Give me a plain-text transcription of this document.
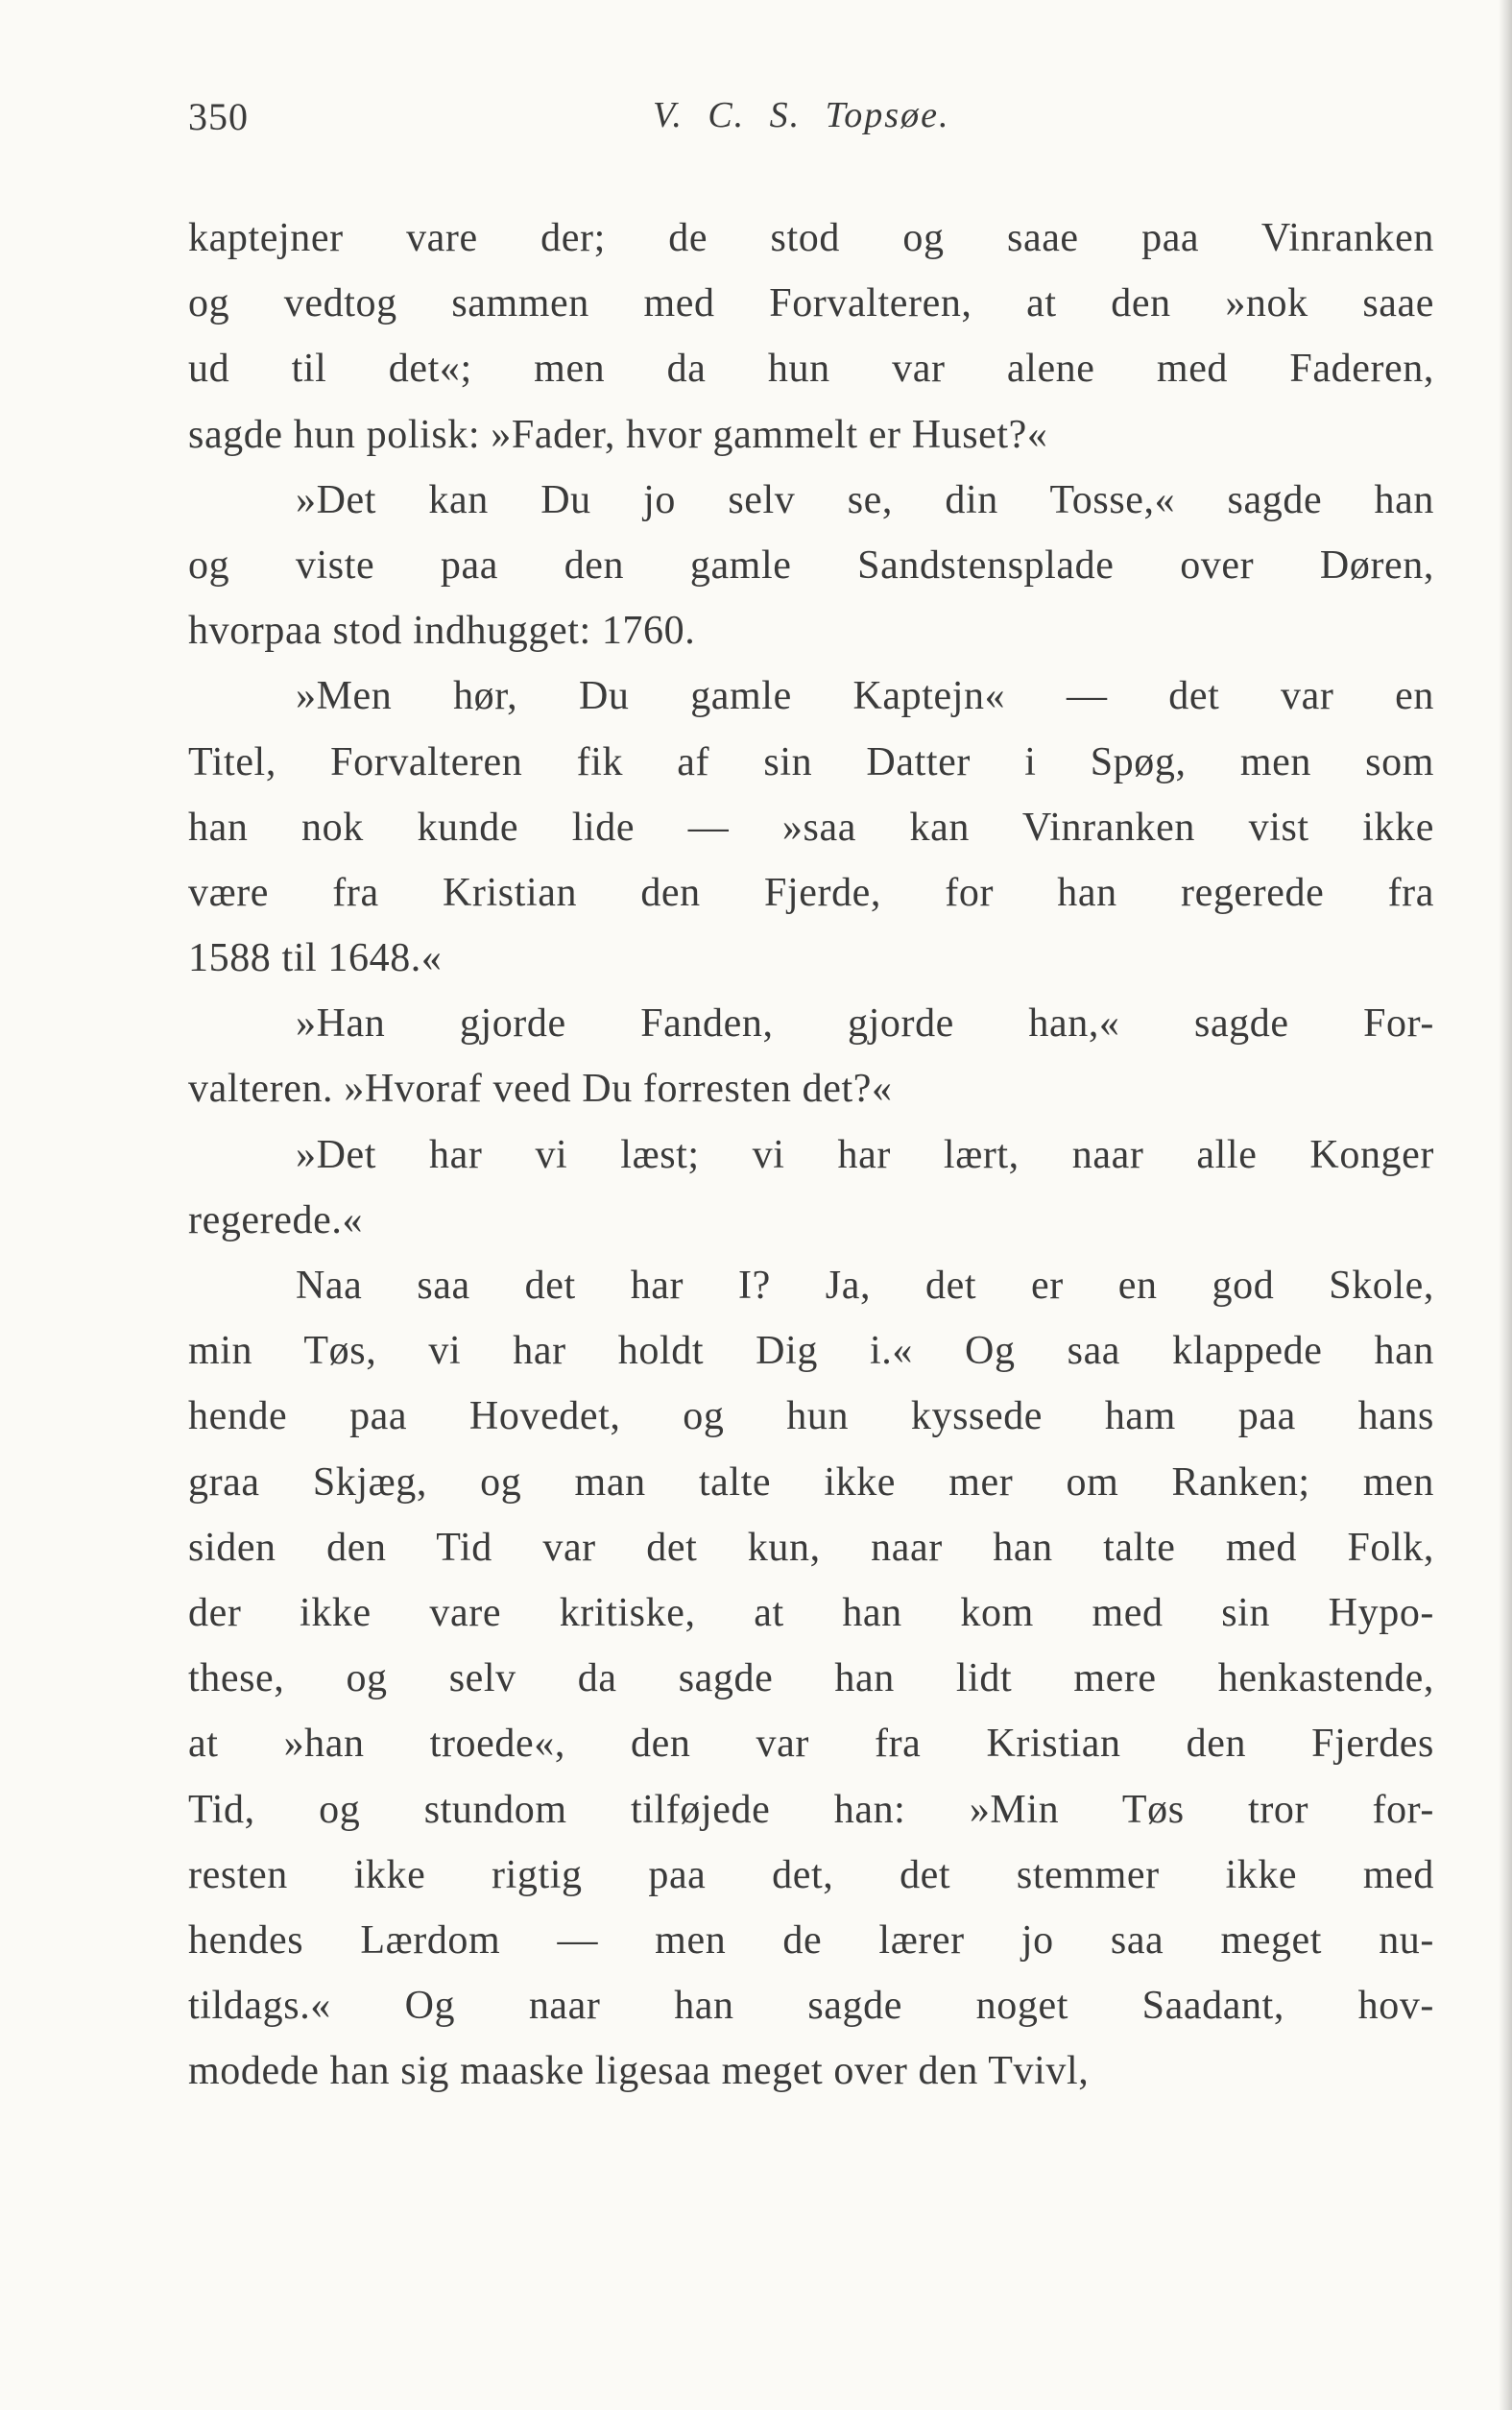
350	V. C. S. Topsøe.
kaptejner vare der; de stod og saae paa Vinranken
og vedtog sammen med Forvalteren, at den »nok saae
ud til det«; men da hun var alene med Faderen,
sagde hun polisk: »Fader, hvor gammelt er Huset?«
»Det kan Du jo selv se, din Tosse,« sagde han
og viste paa den gamle Sandstensplade over Døren,
hvorpaa stod indhugget: 1760.
»Men hør, Du gamle Kaptejn« — det var en
Titel, Forvalteren fik af sin Datter i Spøg, men som
han nok kunde lide — »saa kan Vinranken vist ikke
være fra Kristian den Fjerde, for han regerede fra
1588 til 1648.«
»Han gjorde Fanden, gjorde han,« sagde For-
valteren. »Hvoraf veed Du forresten det?«
»Det har vi læst; vi har lært, naar alle Konger
regerede.«
Naa saa det har I? Ja, det er en god Skole,
min Tøs, vi har holdt Dig i.« Og saa klappede han
hende paa Hovedet, og hun kyssede ham paa hans
graa Skjæg, og man talte ikke mer om Ranken; men
siden den Tid var det kun, naar han talte med Folk,
der ikke vare kritiske, at han kom med sin Hypo-
these, og selv da sagde han lidt mere henkastende,
at »han troede«, den var fra Kristian den Fjerdes
Tid, og stundom tilføjede han: »Min Tøs tror for-
resten ikke rigtig paa det, det stemmer ikke med
hendes Lærdom — men de lærer jo saa meget nu-
tildags.« Og naar han sagde noget Saadant, hov-
modede han sig maaske ligesaa meget over den Tvivl,
